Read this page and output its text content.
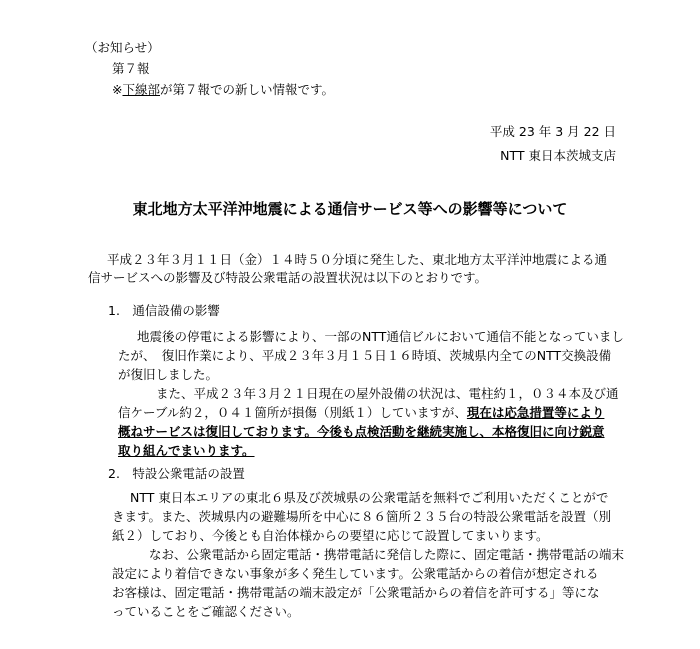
（お知らせ）
第７報
※下線部が第７報での新しい情報です。
平成 23 年 3 月 22 日
NTT 東日本茨城支店
東北地方太平洋沖地震による通信サービス等への影響等について
平成２３年３月１１日（金）１４時５０分頃に発生した、東北地方太平洋沖地震による通
信サービスへの影響及び特設公衆電話の設置状況は以下のとおりです。
1.　通信設備の影響
地震後の停電による影響により、一部のNTT通信ビルにおいて通信不能となっていまし
たが、　復旧作業により、平成２３年３月１５日１６時頃、茨城県内全てのNTT交換設備
が復旧しました。
また、平成２３年３月２１日現在の屋外設備の状況は、電柱約１，０３４本及び通
信ケーブル約２，０４１箇所が損傷（別紙１）していますが、現在は応急措置等により
概ねサービスは復旧しております。今後も点検活動を継続実施し、本格復旧に向け鋭意
取り組んでまいります。
2.　特設公衆電話の設置
NTT 東日本エリアの東北６県及び茨城県の公衆電話を無料でご利用いただくことがで
きます。また、茨城県内の避難場所を中心に８６箇所２３５台の特設公衆電話を設置（別
紙２）しており、今後とも自治体様からの要望に応じて設置してまいります。
なお、公衆電話から固定電話・携帯電話に発信した際に、固定電話・携帯電話の端末
設定により着信できない事象が多く発生しています。公衆電話からの着信が想定される
お客様は、固定電話・携帯電話の端末設定が「公衆電話からの着信を許可する」等にな
っていることをご確認ください。
